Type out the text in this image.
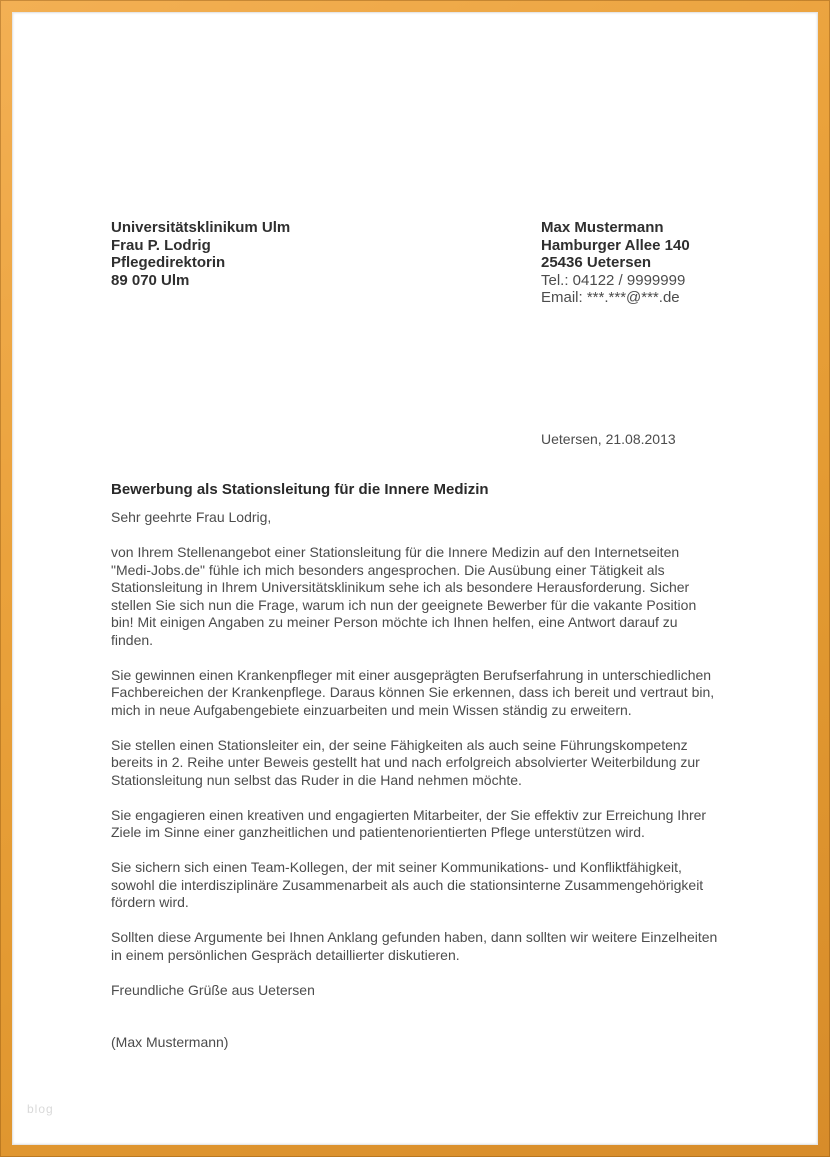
Universitätsklinikum Ulm
Frau P. Lodrig
Pflegedirektorin
89 070 Ulm
Max Mustermann
Hamburger Allee 140
25436 Uetersen
Tel.: 04122 / 9999999
Email: ***.***@***.de
Uetersen, 21.08.2013
Bewerbung als Stationsleitung für die Innere Medizin

Sehr geehrte Frau Lodrig,

von Ihrem Stellenangebot einer Stationsleitung für die Innere Medizin auf den Internetseiten "Medi-Jobs.de" fühle ich mich besonders angesprochen. Die Ausübung einer Tätigkeit als Stationsleitung in Ihrem Universitätsklinikum sehe ich als besondere Herausforderung. Sicher stellen Sie sich nun die Frage, warum ich nun der geeignete Bewerber für die vakante Position bin! Mit einigen Angaben zu meiner Person möchte ich Ihnen helfen, eine Antwort darauf zu finden.

Sie gewinnen einen Krankenpfleger mit einer ausgeprägten Berufserfahrung in unterschiedlichen Fachbereichen der Krankenpflege. Daraus können Sie erkennen, dass ich bereit und vertraut bin, mich in neue Aufgabengebiete einzuarbeiten und mein Wissen ständig zu erweitern.

Sie stellen einen Stationsleiter ein, der seine Fähigkeiten als auch seine Führungskompetenz bereits in 2. Reihe unter Beweis gestellt hat und nach erfolgreich absolvierter Weiterbildung zur Stationsleitung nun selbst das Ruder in die Hand nehmen möchte.

Sie engagieren einen kreativen und engagierten Mitarbeiter, der Sie effektiv zur Erreichung Ihrer Ziele im Sinne einer ganzheitlichen und patientenorientierten Pflege unterstützen wird.

Sie sichern sich einen Team-Kollegen, der mit seiner Kommunikations- und Konfliktfähigkeit, sowohl die interdisziplinäre Zusammenarbeit als auch die stationsinterne Zusammengehörigkeit fördern wird.

Sollten diese Argumente bei Ihnen Anklang gefunden haben, dann sollten wir weitere Einzelheiten in einem persönlichen Gespräch detaillierter diskutieren.

Freundliche Grüße aus Uetersen

(Max Mustermann)

blog
